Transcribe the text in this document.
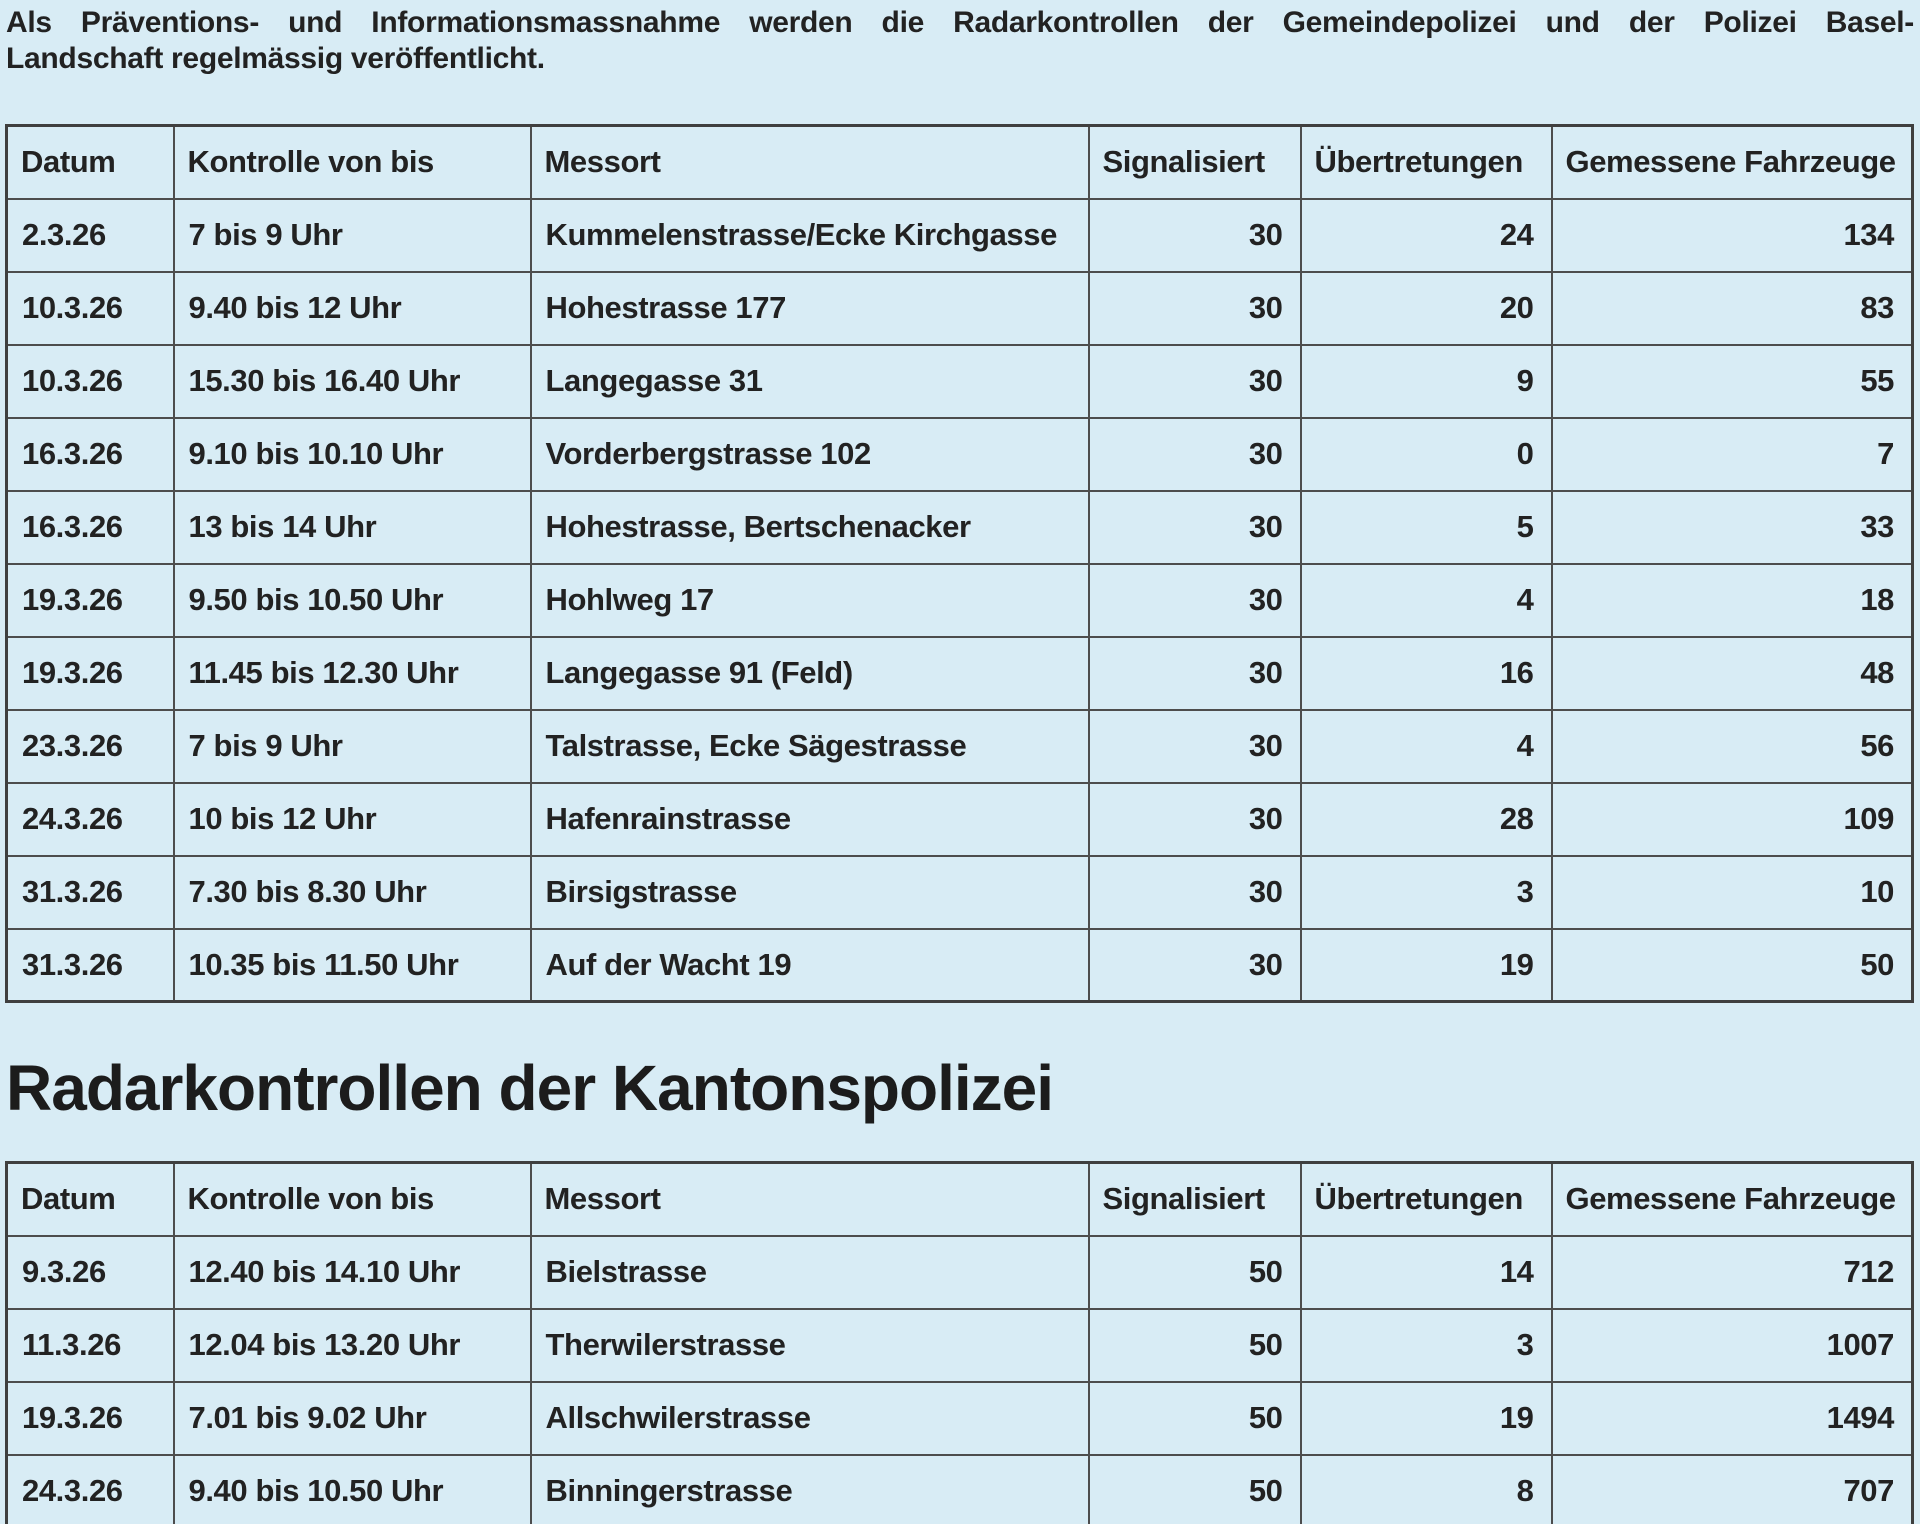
Als Präventions- und Informationsmassnahme werden die Radarkontrollen der Gemeindepolizei und der Polizei Basel-
Landschaft regelmässig veröffentlicht.
Datum	Kontrolle von bis	Messort	Signalisiert	Übertretungen	Gemessene Fahrzeuge
2.3.26	7 bis 9 Uhr	Kummelenstrasse/Ecke Kirchgasse	30	24	134
10.3.26	9.40 bis 12 Uhr	Hohestrasse 177	30	20	83
10.3.26	15.30 bis 16.40 Uhr	Langegasse 31	30	9	55
16.3.26	9.10 bis 10.10 Uhr	Vorderbergstrasse 102	30	0	7
16.3.26	13 bis 14 Uhr	Hohestrasse, Bertschenacker	30	5	33
19.3.26	9.50 bis 10.50 Uhr	Hohlweg 17	30	4	18
19.3.26	11.45 bis 12.30 Uhr	Langegasse 91 (Feld)	30	16	48
23.3.26	7 bis 9 Uhr	Talstrasse, Ecke Sägestrasse	30	4	56
24.3.26	10 bis 12 Uhr	Hafenrainstrasse	30	28	109
31.3.26	7.30 bis 8.30 Uhr	Birsigstrasse	30	3	10
31.3.26	10.35 bis 11.50 Uhr	Auf der Wacht 19	30	19	50
Radarkontrollen der Kantonspolizei
Datum	Kontrolle von bis	Messort	Signalisiert	Übertretungen	Gemessene Fahrzeuge
9.3.26	12.40 bis 14.10 Uhr	Bielstrasse	50	14	712
11.3.26	12.04 bis 13.20 Uhr	Therwilerstrasse	50	3	1007
19.3.26	7.01 bis 9.02 Uhr	Allschwilerstrasse	50	19	1494
24.3.26	9.40 bis 10.50 Uhr	Binningerstrasse	50	8	707
